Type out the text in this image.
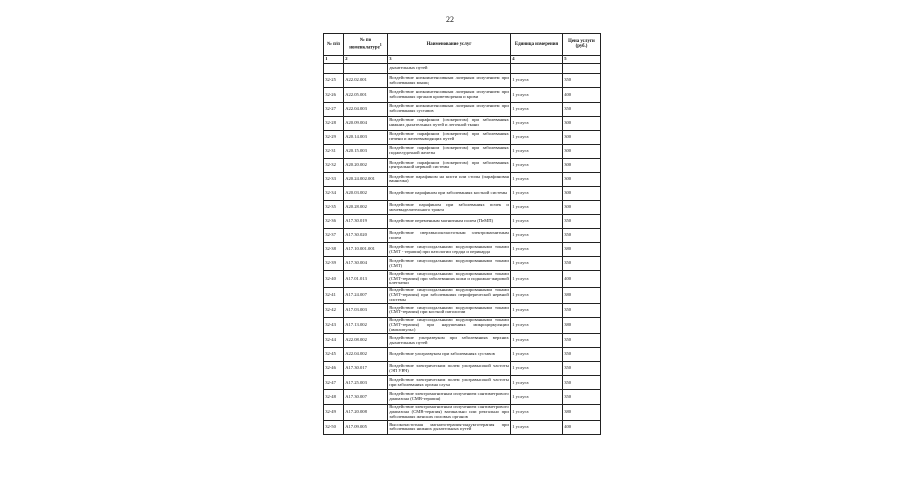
22
№ п/п	№ по номенклатуре$^1$	Наименование услуг	Единица измерения	Цена услуги (руб.)
1	2	3	4	5
		дыхательных путей		
32-25	A22.02.001	Воздействие низкоинтенсивным лазерным излучением при заболеваниях мышц	1 услуга	350
32-26	A22.05.001	Воздействие низкоинтенсивным лазерным излучением при заболеваниях органов кроветворения и крови	1 услуга	400
32-27	A22.04.003	Воздействие низкоинтенсивным лазерным излучением при заболеваниях суставов	1 услуга	350
32-28	A20.09.004	Воздействие парафином (озокеритом) при заболеваниях нижних дыхательных путей и легочной ткани	1 услуга	300
32-29	A20.14.003	Воздействие парафином (озокеритом) при заболеваниях печени и желчевыводящих путей	1 услуга	300
32-31	A20.15.003	Воздействие парафином (озокеритом) при заболеваниях поджелудочной железы	1 услуга	300
32-32	A20.20.002	Воздействие парафином (озокеритом) при заболеваниях центральной нервной системы	1 услуга	300
32-33	A20.24.002.001	Воздействие парафином на кисти или стопы (парафиновая ванночка)	1 услуга	300
32-34	A20.03.002	Воздействие парафином при заболеваниях костной системы	1 услуга	300
32-35	A20.28.002	Воздействие парафином при заболеваниях почек и мочевыделительного тракта	1 услуга	300
32-36	A17.30.019	Воздействие переменным магнитным полем (ПеМП)	1 услуга	350
32-37	A17.30.020	Воздействие сверхвысокочастотным электромагнитным полем	1 услуга	350
32-38	A17.10.001.001	Воздействие синусоидальными модулированными токами (СМТ - терапия) при патологии сердца и перикарда	1 услуга	380
32-39	A17.30.004	Воздействие синусоидальными модулированными токами (СМТ)	1 услуга	350
32-40	A17.01.013	Воздействие синусоидальными модулированными токами (СМТ-терапия) при заболеваниях кожи и подкожно-жировой клетчатки	1 услуга	400
32-41	A17.24.007	Воздействие синусоидальными модулированными токами (СМТ-терапия) при заболеваниях периферической нервной системы	1 услуга	380
32-42	A17.03.003	Воздействие синусоидальными модулированными токами (СМТ-терапия) при костной патологии	1 услуга	350
32-43	A17.13.002	Воздействие синусоидальными модулированными токами (СМТ-терапия) при нарушениях микроциркуляции (амплипульс)	1 услуга	380
32-44	A22.08.002	Воздействие ультразвуком при заболеваниях верхних дыхательных путей	1 услуга	350
32-45	A22.04.002	Воздействие ультразвуком при заболеваниях суставов	1 услуга	350
32-46	A17.30.017	Воздействие электрическим полем ультравысокой частоты (ЭП УВЧ)	1 услуга	350
32-47	A17.25.003	Воздействие электрическим полем ультравысокой частоты при заболеваниях органа слуха	1 услуга	350
32-48	A17.30.007	Воздействие электромагнитным излучением сантиметрового диапазона (СМВ-терапия)	1 услуга	350
32-49	A17.20.008	Воздействие электромагнитным излучением сантиметрового диапазона (СМВ-терапия) вагинально или ректально при заболеваниях женских половых органов	1 услуга	380
32-50	A17.09.005	Высокочастотная магнитотерапия-индуктотерапия при заболеваниях нижних дыхательных путей	1 услуга	400
